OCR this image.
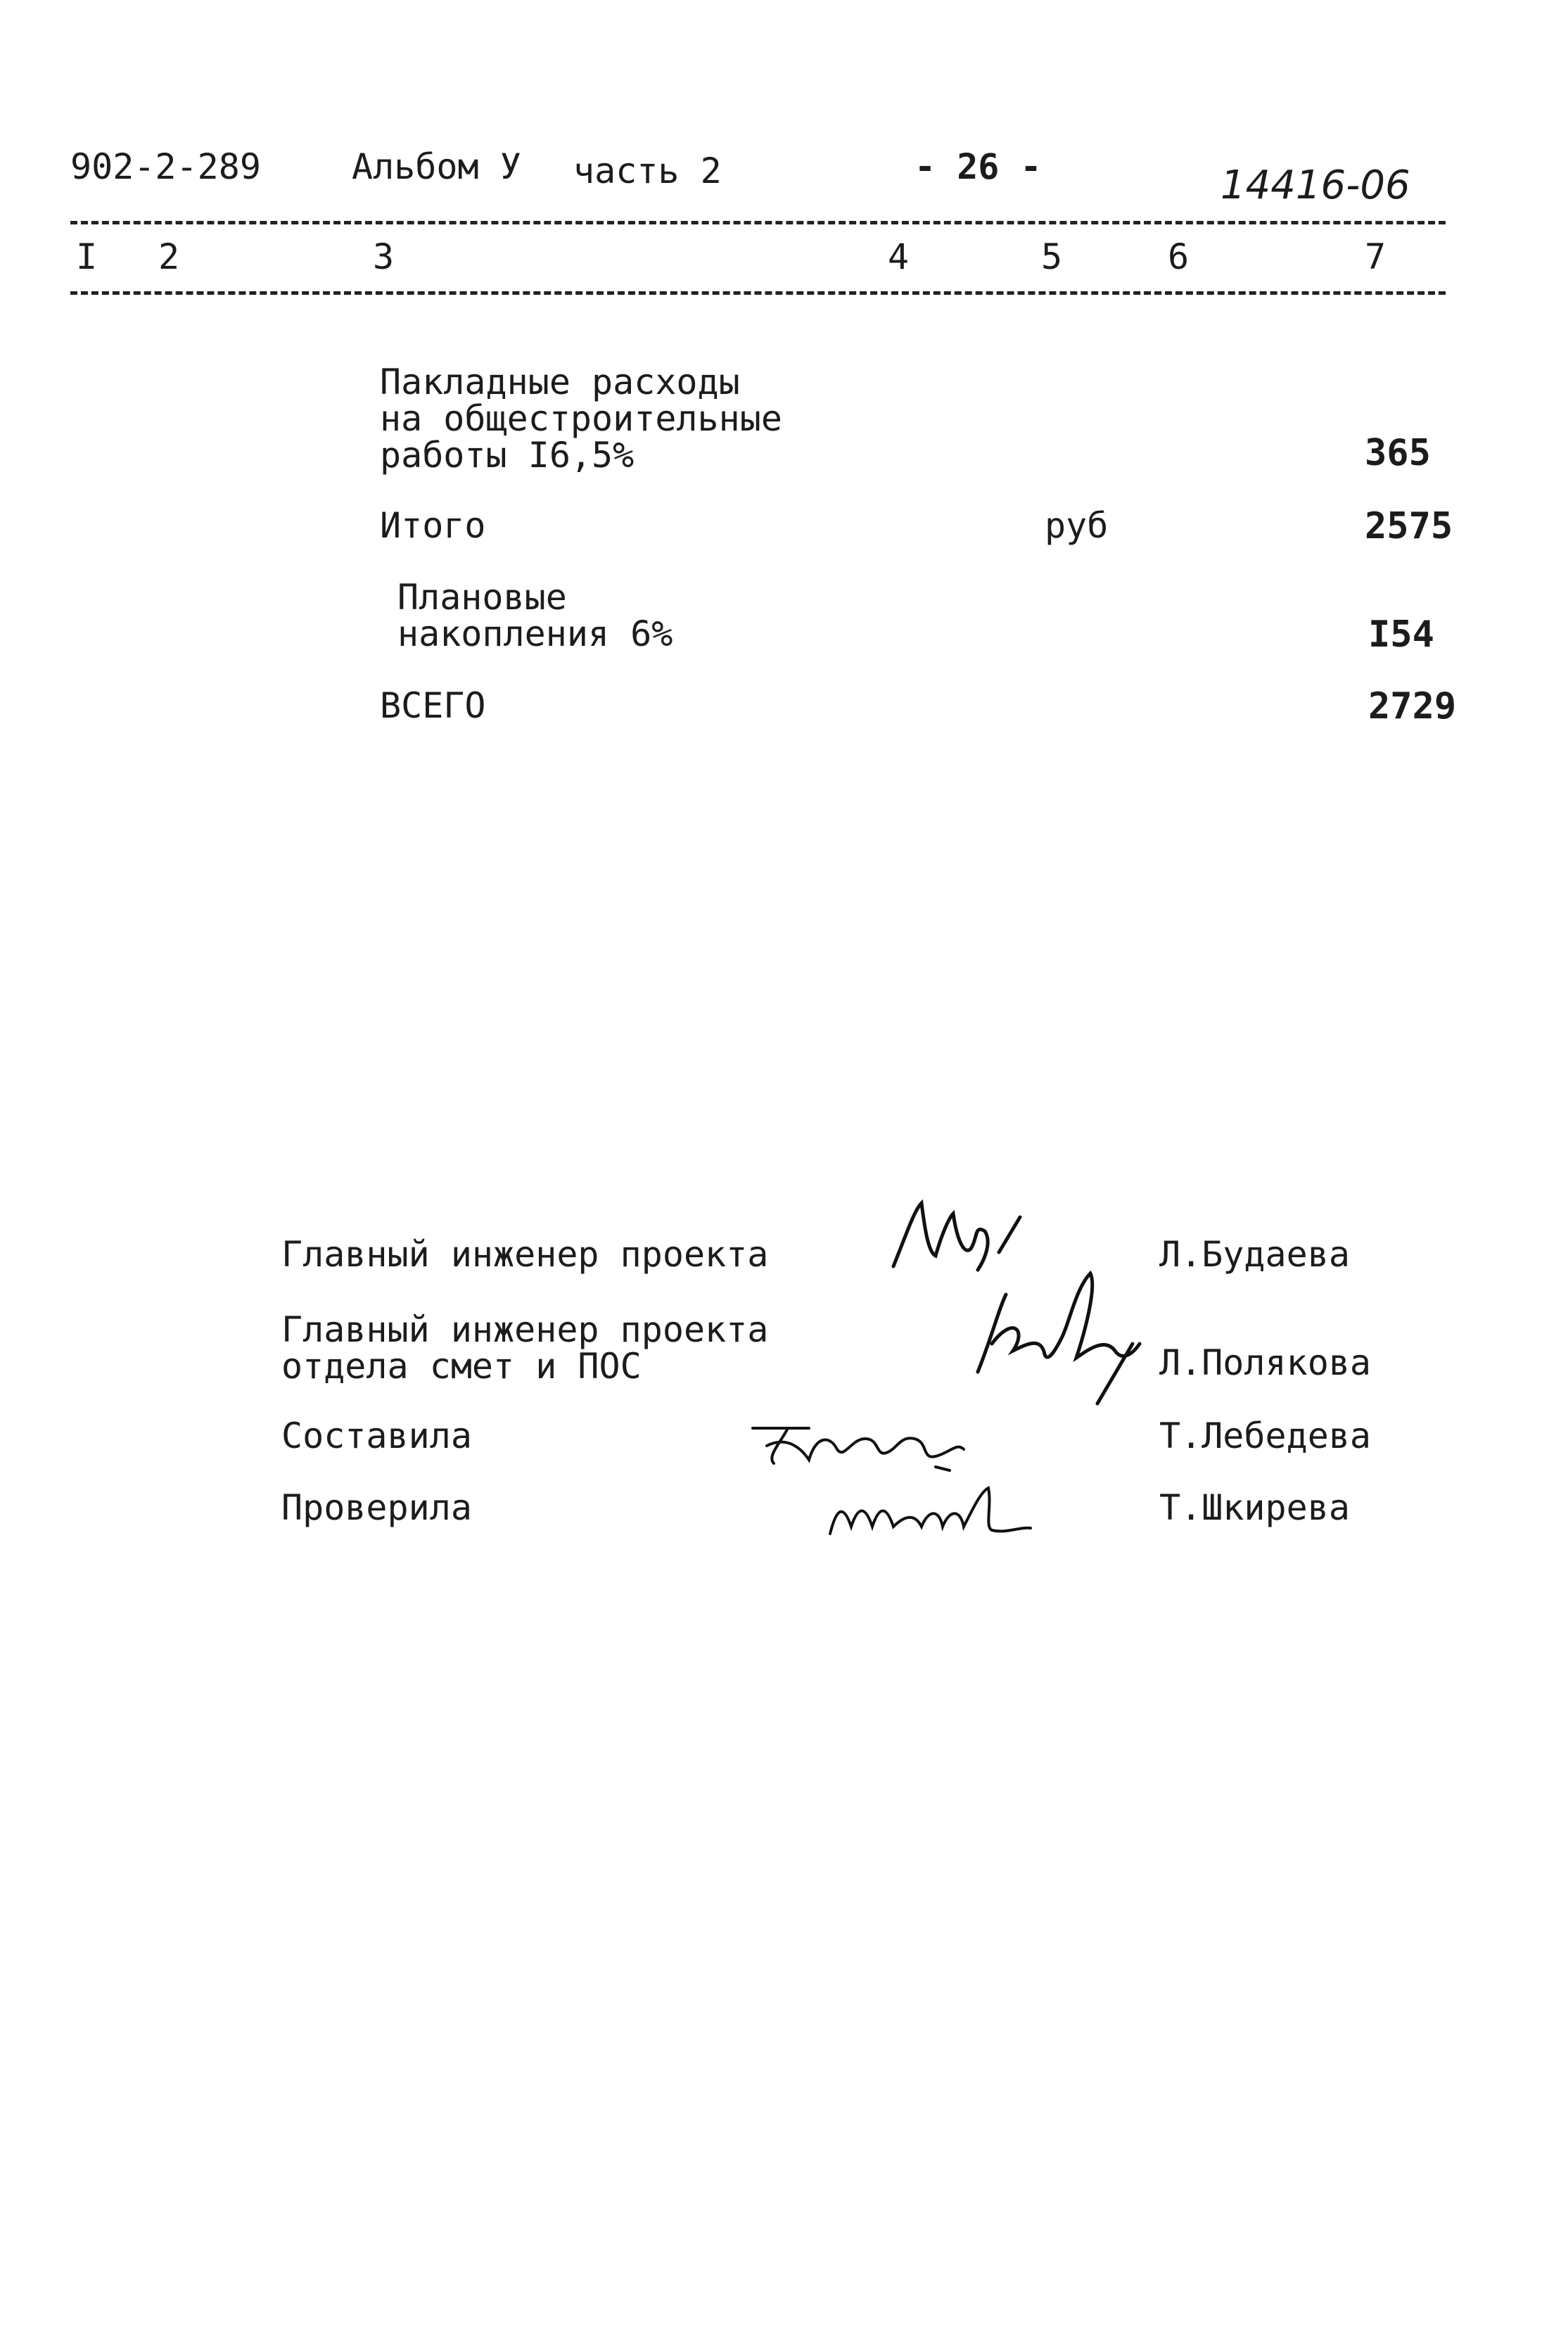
902-2-289	Альбом У часть 2	- 26 -	14416-06
I 2	3	4	5	6	7
Пакладные расходы
на общестроительные
работы I6,5%	365
Итого	руб	2575
Плановые
накопления 6%	I54
ВСЕГО	2729
Главный инженер проекта	Л.Будаева
Главный инженер проекта
отдела смет и ПОС	Л.Полякова
Составила	Т.Лебедева
Проверила	Т.Шкирева
